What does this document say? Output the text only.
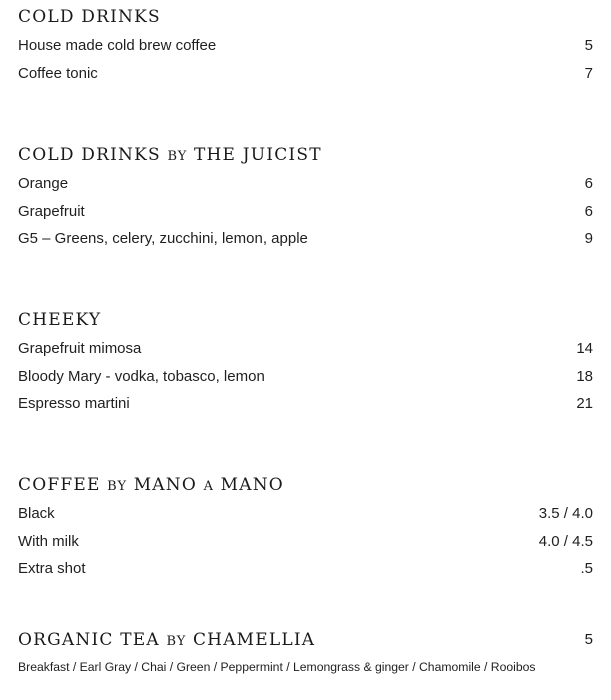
COLD DRINKS
House made cold brew coffee	5
Coffee tonic	7
COLD DRINKS BY THE JUICIST
Orange	6
Grapefruit	6
G5 – Greens, celery, zucchini, lemon, apple	9
CHEEKY
Grapefruit mimosa	14
Bloody Mary - vodka, tobasco, lemon	18
Espresso martini	21
COFFEE BY MANO A MANO
Black	3.5 / 4.0
With milk	4.0 / 4.5
Extra shot	.5
ORGANIC TEA BY CHAMELLIA	5
Breakfast / Earl Gray / Chai / Green / Peppermint / Lemongrass & ginger / Chamomile / Rooibos
